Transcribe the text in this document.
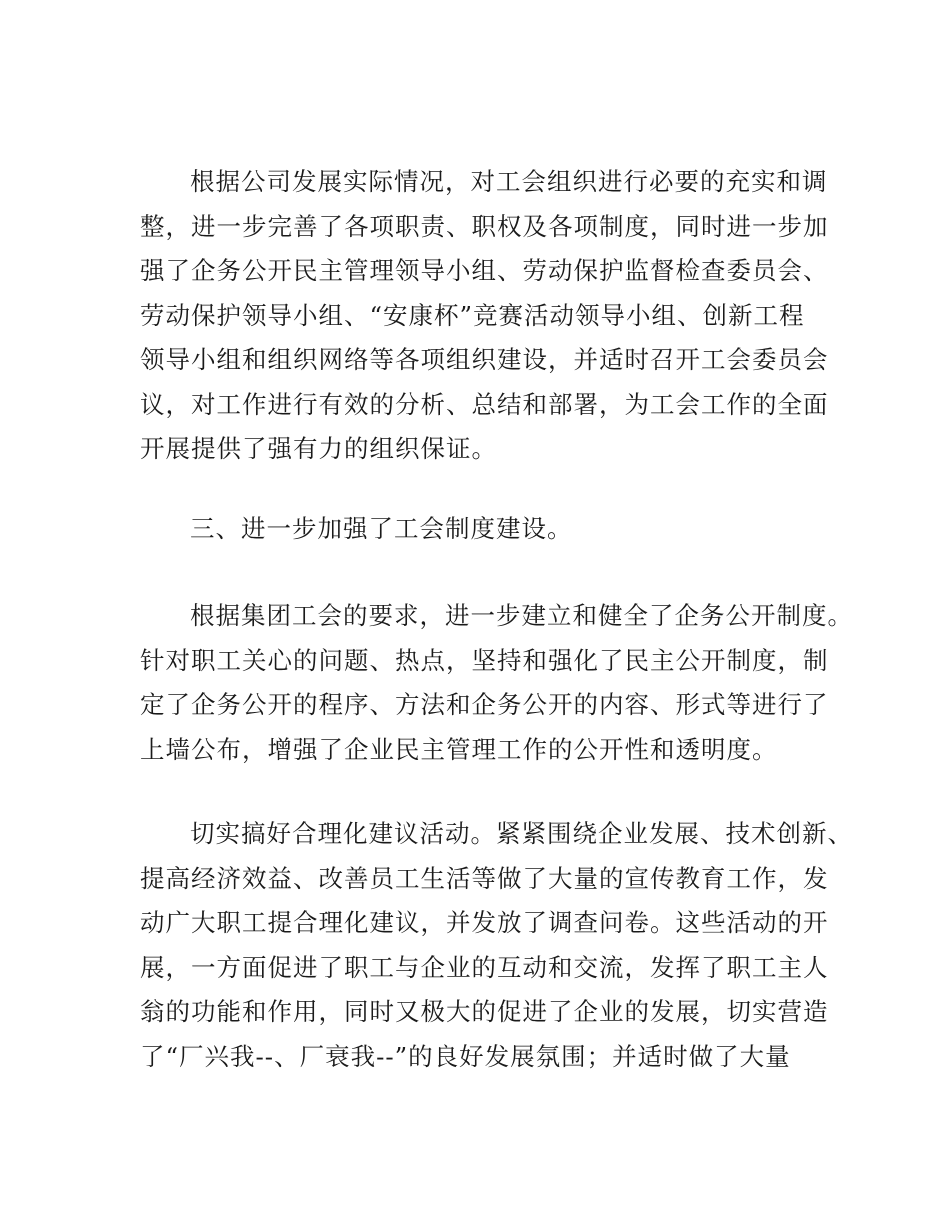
根据公司发展实际情况，对工会组织进行必要的充实和调
整，进一步完善了各项职责、职权及各项制度，同时进一步加
强了企务公开民主管理领导小组、劳动保护监督检查委员会、
劳动保护领导小组、“安康杯”竞赛活动领导小组、创新工程
领导小组和组织网络等各项组织建设，并适时召开工会委员会
议，对工作进行有效的分析、总结和部署，为工会工作的全面
开展提供了强有力的组织保证。
三、进一步加强了工会制度建设。
根据集团工会的要求，进一步建立和健全了企务公开制度。
针对职工关心的问题、热点，坚持和强化了民主公开制度，制
定了企务公开的程序、方法和企务公开的内容、形式等进行了
上墙公布，增强了企业民主管理工作的公开性和透明度。
切实搞好合理化建议活动。紧紧围绕企业发展、技术创新、
提高经济效益、改善员工生活等做了大量的宣传教育工作，发
动广大职工提合理化建议，并发放了调查问卷。这些活动的开
展，一方面促进了职工与企业的互动和交流，发挥了职工主人
翁的功能和作用，同时又极大的促进了企业的发展，切实营造
了“厂兴我--、厂衰我--”的良好发展氛围；并适时做了大量
